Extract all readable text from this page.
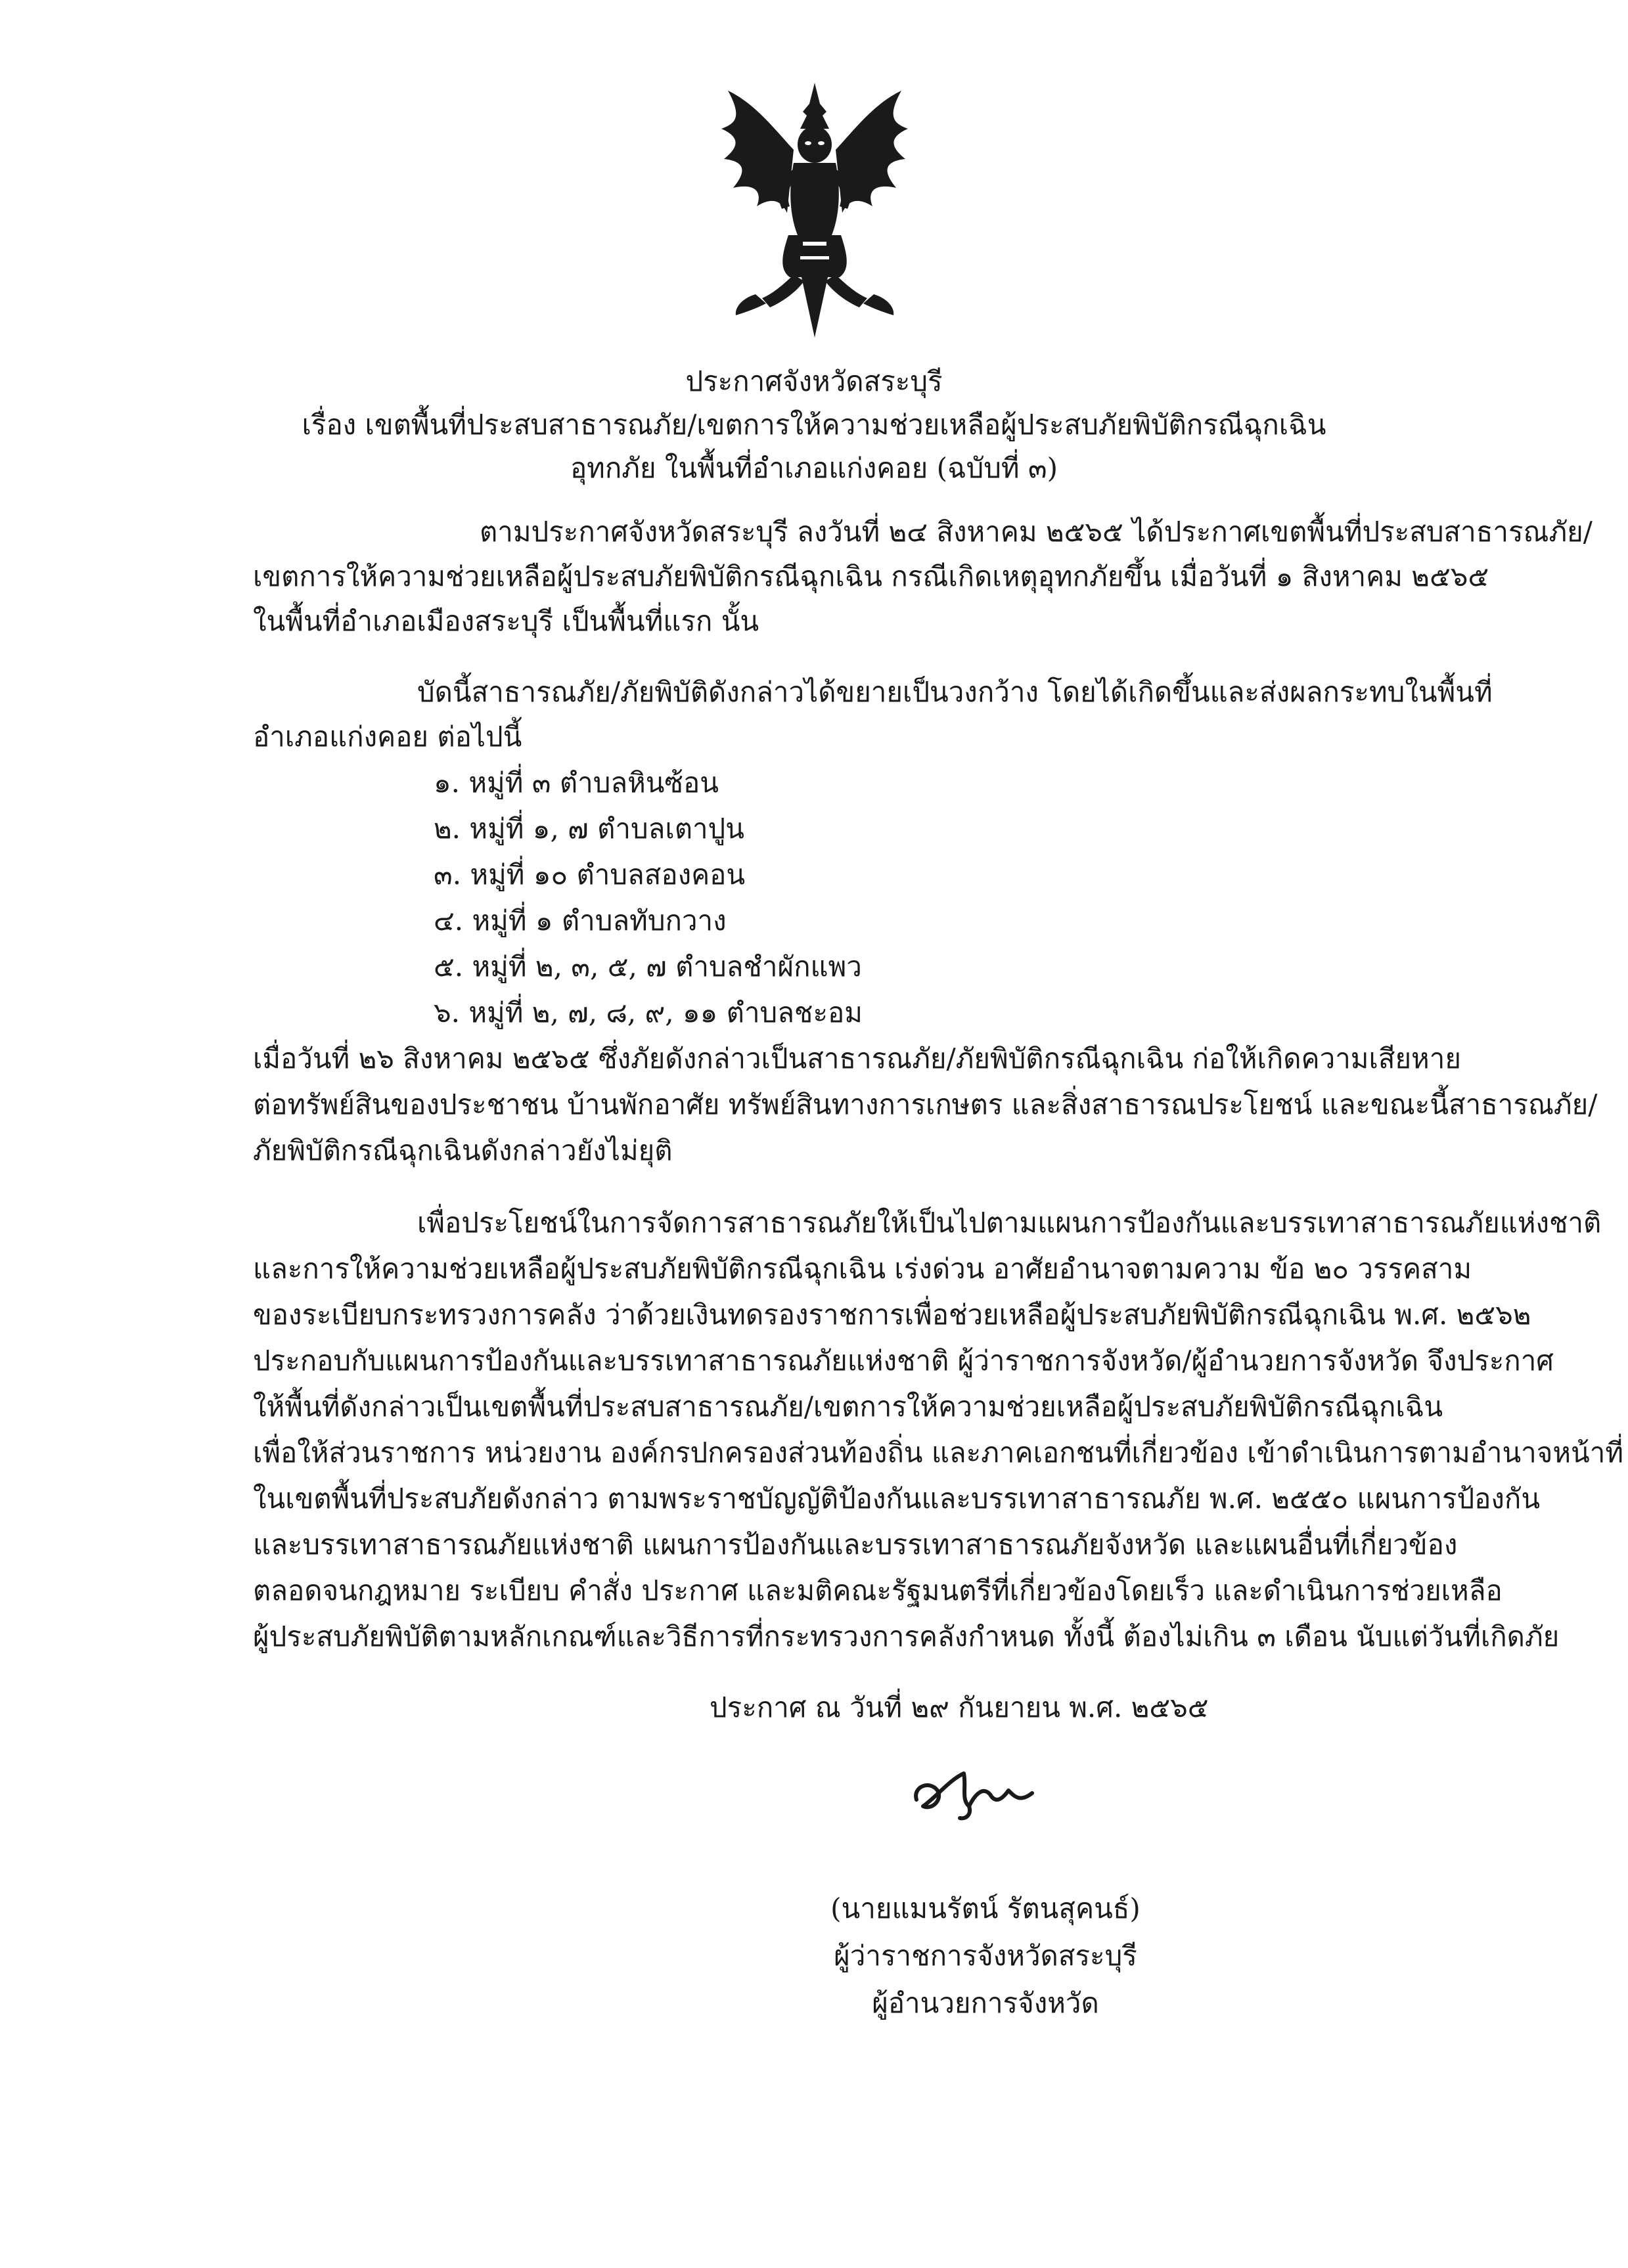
ประกาศจังหวัดสระบุรี
เรื่อง เขตพื้นที่ประสบสาธารณภัย/เขตการให้ความช่วยเหลือผู้ประสบภัยพิบัติกรณีฉุกเฉิน
อุทกภัย ในพื้นที่อำเภอแก่งคอย (ฉบับที่ ๓)
ตามประกาศจังหวัดสระบุรี ลงวันที่ ๒๔ สิงหาคม ๒๕๖๕ ได้ประกาศเขตพื้นที่ประสบสาธารณภัย/
เขตการให้ความช่วยเหลือผู้ประสบภัยพิบัติกรณีฉุกเฉิน กรณีเกิดเหตุอุทกภัยขึ้น เมื่อวันที่ ๑ สิงหาคม ๒๕๖๕
ในพื้นที่อำเภอเมืองสระบุรี เป็นพื้นที่แรก นั้น
บัดนี้สาธารณภัย/ภัยพิบัติดังกล่าวได้ขยายเป็นวงกว้าง โดยได้เกิดขึ้นและส่งผลกระทบในพื้นที่
อำเภอแก่งคอย ต่อไปนี้
๑. หมู่ที่ ๓ ตำบลหินซ้อน
๒. หมู่ที่ ๑, ๗ ตำบลเตาปูน
๓. หมู่ที่ ๑๐ ตำบลสองคอน
๔. หมู่ที่ ๑ ตำบลทับกวาง
๕. หมู่ที่ ๒, ๓, ๕, ๗ ตำบลชำผักแพว
๖. หมู่ที่ ๒, ๗, ๘, ๙, ๑๑ ตำบลชะอม
เมื่อวันที่ ๒๖ สิงหาคม ๒๕๖๕ ซึ่งภัยดังกล่าวเป็นสาธารณภัย/ภัยพิบัติกรณีฉุกเฉิน ก่อให้เกิดความเสียหาย
ต่อทรัพย์สินของประชาชน บ้านพักอาศัย ทรัพย์สินทางการเกษตร และสิ่งสาธารณประโยชน์ และขณะนี้สาธารณภัย/
ภัยพิบัติกรณีฉุกเฉินดังกล่าวยังไม่ยุติ
เพื่อประโยชน์ในการจัดการสาธารณภัยให้เป็นไปตามแผนการป้องกันและบรรเทาสาธารณภัยแห่งชาติ
และการให้ความช่วยเหลือผู้ประสบภัยพิบัติกรณีฉุกเฉิน เร่งด่วน อาศัยอำนาจตามความ ข้อ ๒๐ วรรคสาม
ของระเบียบกระทรวงการคลัง ว่าด้วยเงินทดรองราชการเพื่อช่วยเหลือผู้ประสบภัยพิบัติกรณีฉุกเฉิน พ.ศ. ๒๕๖๒
ประกอบกับแผนการป้องกันและบรรเทาสาธารณภัยแห่งชาติ ผู้ว่าราชการจังหวัด/ผู้อำนวยการจังหวัด จึงประกาศ
ให้พื้นที่ดังกล่าวเป็นเขตพื้นที่ประสบสาธารณภัย/เขตการให้ความช่วยเหลือผู้ประสบภัยพิบัติกรณีฉุกเฉิน
เพื่อให้ส่วนราชการ หน่วยงาน องค์กรปกครองส่วนท้องถิ่น และภาคเอกชนที่เกี่ยวข้อง เข้าดำเนินการตามอำนาจหน้าที่
ในเขตพื้นที่ประสบภัยดังกล่าว ตามพระราชบัญญัติป้องกันและบรรเทาสาธารณภัย พ.ศ. ๒๕๕๐ แผนการป้องกัน
และบรรเทาสาธารณภัยแห่งชาติ แผนการป้องกันและบรรเทาสาธารณภัยจังหวัด และแผนอื่นที่เกี่ยวข้อง
ตลอดจนกฎหมาย ระเบียบ คำสั่ง ประกาศ และมติคณะรัฐมนตรีที่เกี่ยวข้องโดยเร็ว และดำเนินการช่วยเหลือ
ผู้ประสบภัยพิบัติตามหลักเกณฑ์และวิธีการที่กระทรวงการคลังกำหนด ทั้งนี้ ต้องไม่เกิน ๓ เดือน นับแต่วันที่เกิดภัย
ประกาศ ณ วันที่ ๒๙ กันยายน พ.ศ. ๒๕๖๕
(นายแมนรัตน์ รัตนสุคนธ์)
ผู้ว่าราชการจังหวัดสระบุรี
ผู้อำนวยการจังหวัด
